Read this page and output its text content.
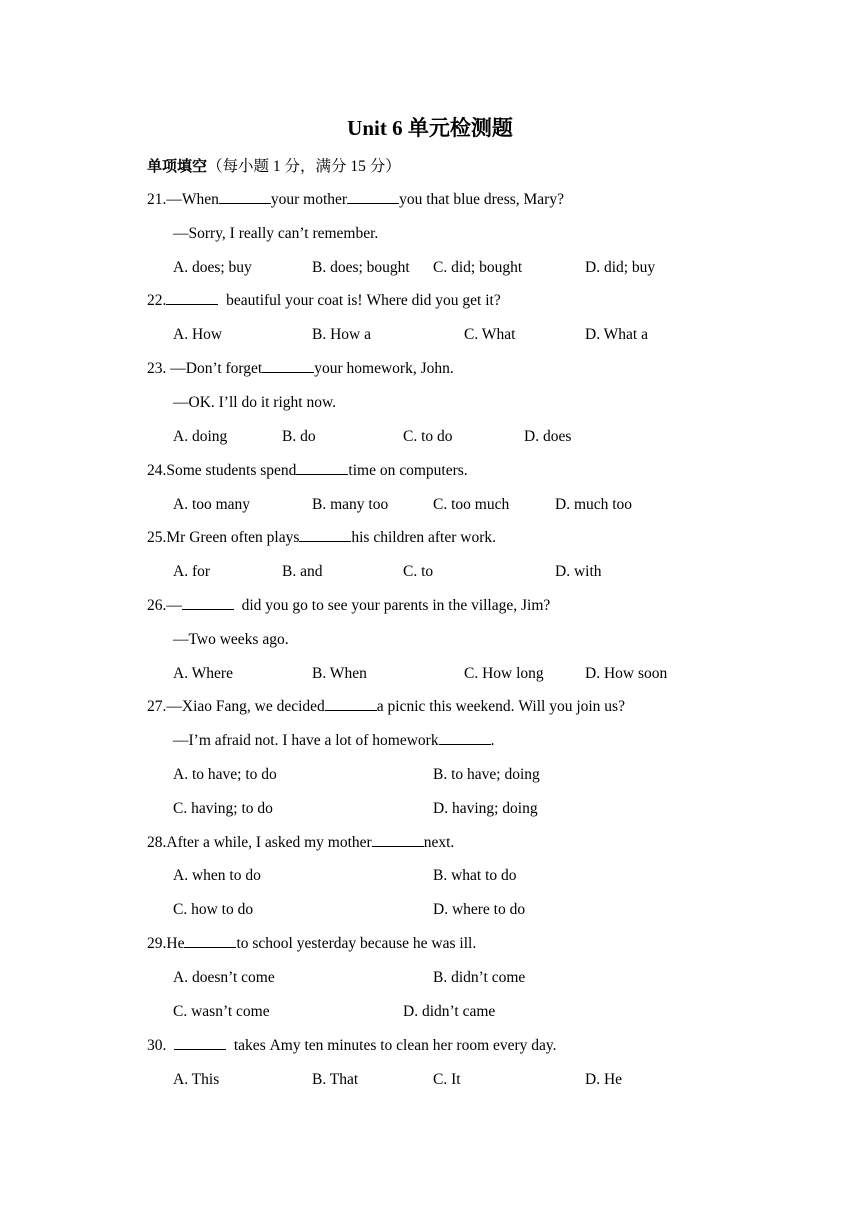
Unit 6 单元检测题
单项填空（每小题 1 分，满分 15 分）
21.—When	your mother	you that blue dress, Mary?
—Sorry, I really can’t remember.
A. does; buy	B. does; bought C. did; bought	D. did; buy
22.	beautiful your coat is! Where did you get it?
A. How	B. How a	C. What	D. What a
23. —Don’t forget	your homework, John.
—OK. I’ll do it right now.
A. doing	B. do	C. to do	D. does
24.Some students spend	time on computers.
A. too many	B. many too	C. too much	D. much too
25.Mr Green often plays	his children after work.
A. for	B. and	C. to	D. with
26.—	did you go to see your parents in the village, Jim?
—Two weeks ago.
A. Where	B. When	C. How long	D. How soon
27.—Xiao Fang, we decided	a picnic this weekend. Will you join us?
—I’m afraid not. I have a lot of homework	.
A. to have; to do	B. to have; doing
C. having; to do	D. having; doing
28.After a while, I asked my mother	next.
A. when to do	B. what to do
C. how to do	D. where to do
29.He	to school yesterday because he was ill.
A. doesn’t come	B. didn’t come
C. wasn’t come	D. didn’t came
30.	takes Amy ten minutes to clean her room every day.
A. This	B. That	C. It	D. He
